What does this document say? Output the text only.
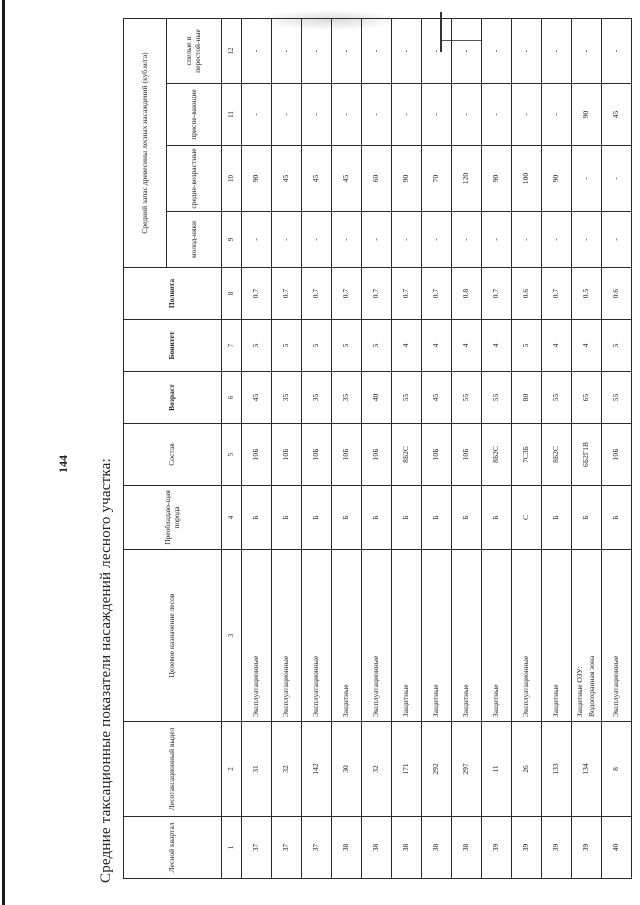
144 Средние таксационные показатели насаждений лесного участка:	Лесной квартал	Лесотаксационный выдел	Целевое назначение лесов	Преобладаю-щая порода	Состав	Возраст	Бонитет	Полнота	Средний запас древесины лесных насаждений (куб.м/га)			
								молод-няки	средне-возрастные	приспе-вающие	спелые и перестой-ные
1	2	3	4	5	6	7	8	9	10	11	12
37	31	Эксплуатационные	Б	10Б	45	5	0.7	-	90	-	-
37	32	Эксплуатационные	Б	10Б	35	5	0.7	-	45	-	-
37	142	Эксплуатационные	Б	10Б	35	5	0.7	-	45	-	-
38	30	Защитные	Б	10Б	35	5	0.7	-	45	-	-
38	32	Эксплуатационные	Б	10Б	40	5	0.7	-	60	-	-
38	171	Защитные	Б	8Б2С	55	4	0.7	-	90	-	-
38	292	Защитные	Б	10Б	45	4	0.7	-	70	-	-
38	297	Защитные	Б	10Б	55	4	0.8	-	120	-	-
39	11	Защитные	Б	8Б2С	55	4	0.7	-	90	-	-
39	26	Эксплуатационные	С	7С3Б	80	5	0.6	-	100	-	-
39	133	Защитные	Б	8Б2С	55	4	0.7	-	90	-	-
39	134	Защитные ОЗУ: Водоохранная зона	Б	6Б2Г1В	65	4	0.5	-	-	90	-
40	8	Эксплуатационные	Б	10Б	55	5	0.6	-	-	45	-
